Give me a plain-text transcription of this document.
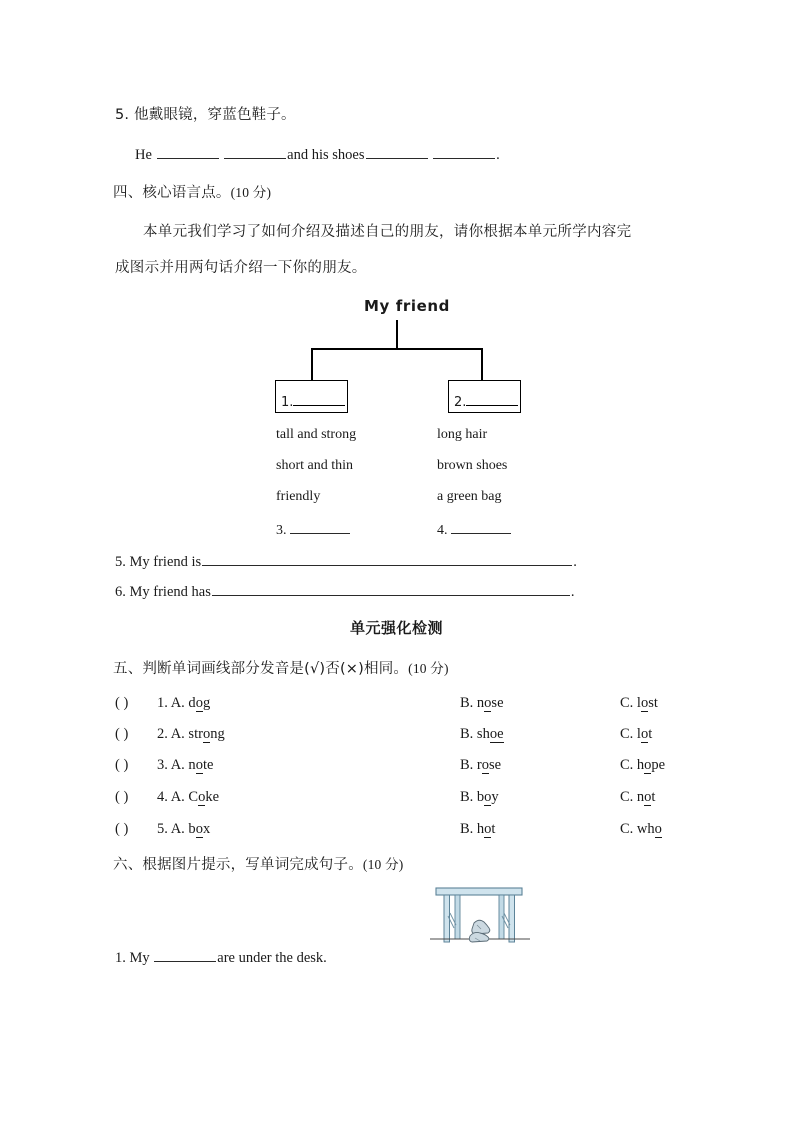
5. 他戴眼镜，穿蓝色鞋子。
He	and his shoes	.
四、核心语言点。(10 分)
本单元我们学习了如何介绍及描述自己的朋友，请你根据本单元所学内容完
成图示并用两句话介绍一下你的朋友。
My friend
1.	2.
tall and strong
short and thin
friendly
3.
long hair
brown shoes
a green bag
4.
5. My friend is	.
6. My friend has	.
单元强化检测
五、判断单词画线部分发音是(√)否(×)相同。(10 分)
( ) 1. A. dog	B. nose	C. lost
( ) 2. A. strong	B. shoe	C. lot
( ) 3. A. note	B. rose	C. hope
( ) 4. A. Coke	B. boy	C. not
( ) 5. A. box	B. hot	C. who
六、根据图片提示，写单词完成句子。(10 分)
1. My	are under the desk.
